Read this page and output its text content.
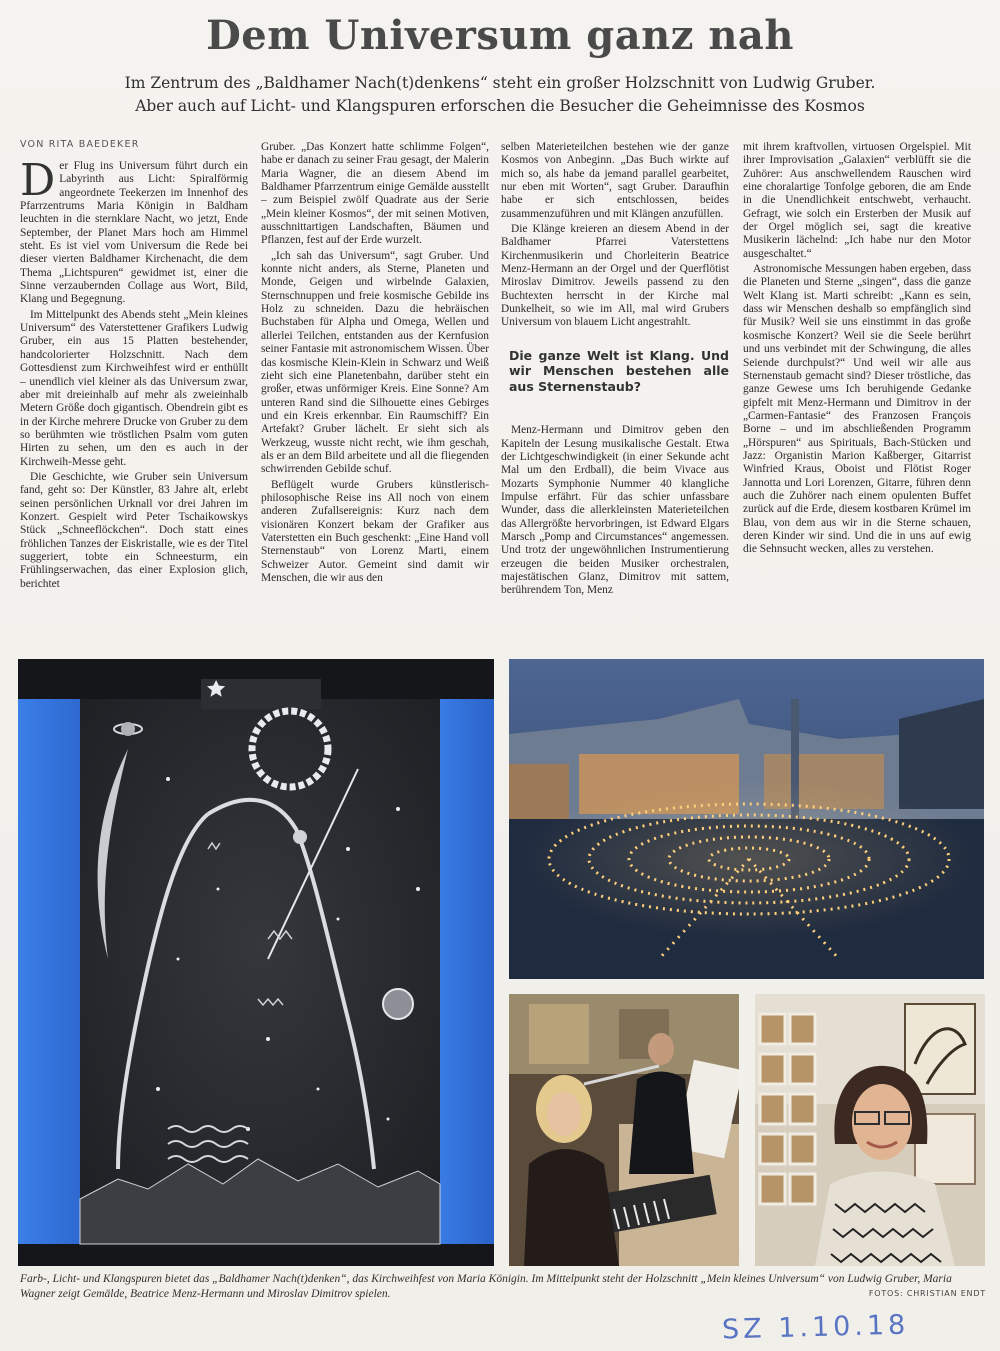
Dem Universum ganz nah
Im Zentrum des „Baldhamer Nach(t)denkens“ steht ein großer Holzschnitt von Ludwig Gruber.
Aber auch auf Licht- und Klangspuren erforschen die Besucher die Geheimnisse des Kosmos
VON RITA BAEDEKER

Der Flug ins Universum führt durch ein Labyrinth aus Licht: Spiralförmig angeordnete Teekerzen im Innenhof des Pfarrzentrums Maria Königin in Baldham leuchten in die sternklare Nacht, wo jetzt, Ende September, der Planet Mars hoch am Himmel steht. Es ist viel vom Universum die Rede bei dieser vierten Baldhamer Kirchenacht, die dem Thema „Lichtspuren“ gewidmet ist, einer die Sinne verzaubernden Collage aus Wort, Bild, Klang und Begegnung.

Im Mittelpunkt des Abends steht „Mein kleines Universum“ des Vaterstettener Grafikers Ludwig Gruber, ein aus 15 Platten bestehender, handcolorierter Holzschnitt. Nach dem Gottesdienst zum Kirchweihfest wird er enthüllt – unendlich viel kleiner als das Universum zwar, aber mit dreieinhalb auf mehr als zweieinhalb Metern Größe doch gigantisch. Obendrein gibt es in der Kirche mehrere Drucke von Gruber zu dem so berühmten wie tröstlichen Psalm vom guten Hirten zu sehen, um den es auch in der Kirchweih-Messe geht.

Die Geschichte, wie Gruber sein Universum fand, geht so: Der Künstler, 83 Jahre alt, erlebt seinen persönlichen Urknall vor drei Jahren im Konzert. Gespielt wird Peter Tschaikowskys Stück „Schneeflöckchen“. Doch statt eines fröhlichen Tanzes der Eiskristalle, wie es der Titel suggeriert, tobte ein Schneesturm, ein Frühlingserwachen, das einer Explosion glich, berichtet

Gruber. „Das Konzert hatte schlimme Folgen“, habe er danach zu seiner Frau gesagt, der Malerin Maria Wagner, die an diesem Abend im Baldhamer Pfarrzentrum einige Gemälde ausstellt – zum Beispiel zwölf Quadrate aus der Serie „Mein kleiner Kosmos“, der mit seinen Motiven, ausschnittartigen Landschaften, Bäumen und Pflanzen, fest auf der Erde wurzelt.

„Ich sah das Universum“, sagt Gruber. Und konnte nicht anders, als Sterne, Planeten und Monde, Geigen und wirbelnde Galaxien, Sternschnuppen und freie kosmische Gebilde ins Holz zu schneiden. Dazu die hebräischen Buchstaben für Alpha und Omega, Wellen und allerlei Teilchen, entstanden aus der Kernfusion seiner Fantasie mit astronomischem Wissen. Über das kosmische Klein-Klein in Schwarz und Weiß zieht sich eine Planetenbahn, darüber steht ein großer, etwas unförmiger Kreis. Eine Sonne? Am unteren Rand sind die Silhouette eines Gebirges und ein Kreis erkennbar. Ein Raumschiff? Ein Artefakt? Gruber lächelt. Er sieht sich als Werkzeug, wusste nicht recht, wie ihm geschah, als er an dem Bild arbeitete und all die fliegenden schwirrenden Gebilde schuf.

Beflügelt wurde Grubers künstlerisch-philosophische Reise ins All noch von einem anderen Zufallsereignis: Kurz nach dem visionären Konzert bekam der Grafiker aus Vaterstetten ein Buch geschenkt: „Eine Hand voll Sternenstaub“ von Lorenz Marti, einem Schweizer Autor. Gemeint sind damit wir Menschen, die wir aus den

selben Materieteilchen bestehen wie der ganze Kosmos von Anbeginn. „Das Buch wirkte auf mich so, als habe da jemand parallel gearbeitet, nur eben mit Worten“, sagt Gruber. Daraufhin habe er sich entschlossen, beides zusammenzuführen und mit Klängen anzufüllen.

Die Klänge kreieren an diesem Abend in der Baldhamer Pfarrei Vaterstettens Kirchenmusikerin und Chorleiterin Beatrice Menz-Hermann an der Orgel und der Querflötist Miroslav Dimitrov. Jeweils passend zu den Buchtexten herrscht in der Kirche mal Dunkelheit, so wie im All, mal wird Grubers Universum von blauem Licht angestrahlt.

Die ganze Welt ist Klang. Und wir Menschen bestehen alle aus Sternenstaub?

Menz-Hermann und Dimitrov geben den Kapiteln der Lesung musikalische Gestalt. Etwa der Lichtgeschwindigkeit (in einer Sekunde acht Mal um den Erdball), die beim Vivace aus Mozarts Symphonie Nummer 40 klangliche Impulse erfährt. Für das schier unfassbare Wunder, dass die allerkleinsten Materieteilchen das Allergrößte hervorbringen, ist Edward Elgars Marsch „Pomp and Circumstances“ angemessen. Und trotz der ungewöhnlichen Instrumentierung erzeugen die beiden Musiker orchestralen, majestätischen Glanz, Dimitrov mit sattem, berührendem Ton, Menz

mit ihrem kraftvollen, virtuosen Orgelspiel. Mit ihrer Improvisation „Galaxien“ verblüfft sie die Zuhörer: Aus anschwellendem Rauschen wird eine choralartige Tonfolge geboren, die am Ende in die Unendlichkeit entschwebt, verhaucht. Gefragt, wie solch ein Ersterben der Musik auf der Orgel möglich sei, sagt die kreative Musikerin lächelnd: „Ich habe nur den Motor ausgeschaltet.“

Astronomische Messungen haben ergeben, dass die Planeten und Sterne „singen“, dass die ganze Welt Klang ist. Marti schreibt: „Kann es sein, dass wir Menschen deshalb so empfänglich sind für Musik? Weil sie uns einstimmt in das große kosmische Konzert? Weil sie die Seele berührt und uns verbindet mit der Schwingung, die alles Seiende durchpulst?“ Und weil wir alle aus Sternenstaub gemacht sind? Dieser tröstliche, das ganze Gewese ums Ich beruhigende Gedanke gipfelt mit Menz-Hermann und Dimitrov in der „Carmen-Fantasie“ des Franzosen François Borne – und im abschließenden Programm „Hörspuren“ aus Spirituals, Bach-Stücken und Jazz: Organistin Marion Kaßberger, Gitarrist Winfried Kraus, Oboist und Flötist Roger Jannotta und Lori Lorenzen, Gitarre, führen denn auch die Zuhörer nach einem opulenten Buffet zurück auf die Erde, diesem kostbaren Krümel im Blau, von dem aus wir in die Sterne schauen, deren Kinder wir sind. Und die in uns auf ewig die Sehnsucht wecken, alles zu verstehen.

Farb-, Licht- und Klangspuren bietet das „Baldhamer Nach(t)denken“, das Kirchweihfest von Maria Königin. Im Mittelpunkt steht der Holzschnitt „Mein kleines Universum“ von Ludwig Gruber, Maria Wagner zeigt Gemälde, Beatrice Menz-Hermann und Miroslav Dimitrov spielen.	FOTOS: CHRISTIAN ENDT
SZ 1.10.18
